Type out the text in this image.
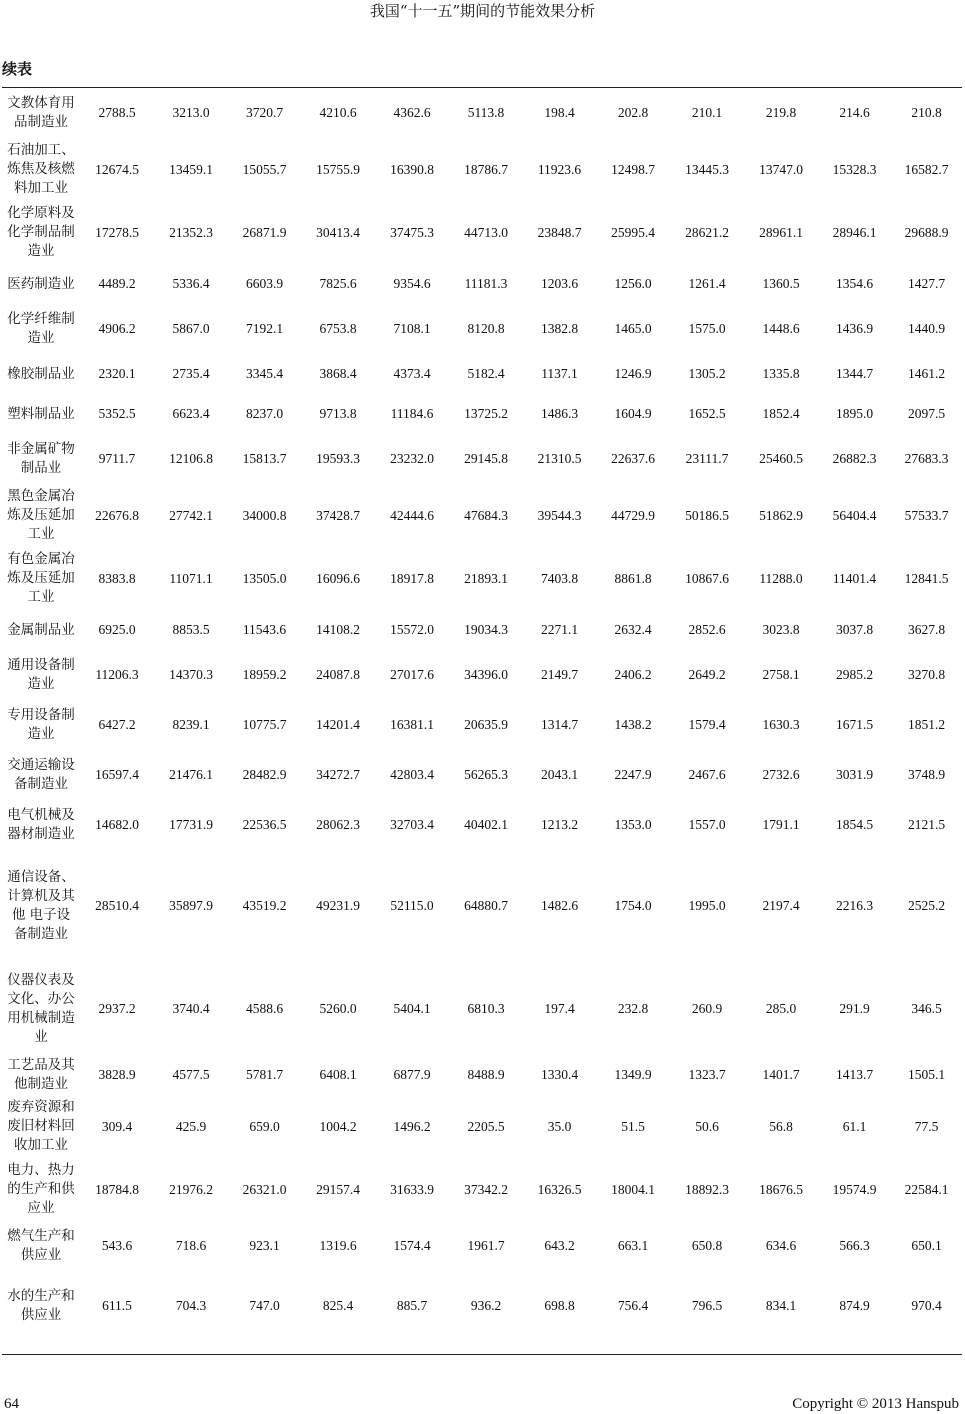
我国“十一五”期间的节能效果分析
续表
文教体育用
品制造业	2788.5	3213.0	3720.7	4210.6	4362.6	5113.8	198.4	202.8	210.1	219.8	214.6	210.8

石油加工、
炼焦及核燃
料加工业	12674.5	13459.1	15055.7	15755.9	16390.8	18786.7	11923.6	12498.7	13445.3	13747.0	15328.3	16582.7

化学原料及
化学制品制
造业	17278.5	21352.3	26871.9	30413.4	37475.3	44713.0	23848.7	25995.4	28621.2	28961.1	28946.1	29688.9

医药制造业	4489.2	5336.4	6603.9	7825.6	9354.6	11181.3	1203.6	1256.0	1261.4	1360.5	1354.6	1427.7

化学纤维制
造业	4906.2	5867.0	7192.1	6753.8	7108.1	8120.8	1382.8	1465.0	1575.0	1448.6	1436.9	1440.9

橡胶制品业	2320.1	2735.4	3345.4	3868.4	4373.4	5182.4	1137.1	1246.9	1305.2	1335.8	1344.7	1461.2

塑料制品业	5352.5	6623.4	8237.0	9713.8	11184.6	13725.2	1486.3	1604.9	1652.5	1852.4	1895.0	2097.5

非金属矿物
制品业	9711.7	12106.8	15813.7	19593.3	23232.0	29145.8	21310.5	22637.6	23111.7	25460.5	26882.3	27683.3

黑色金属冶
炼及压延加
工业	22676.8	27742.1	34000.8	37428.7	42444.6	47684.3	39544.3	44729.9	50186.5	51862.9	56404.4	57533.7

有色金属冶
炼及压延加
工业	8383.8	11071.1	13505.0	16096.6	18917.8	21893.1	7403.8	8861.8	10867.6	11288.0	11401.4	12841.5

金属制品业	6925.0	8853.5	11543.6	14108.2	15572.0	19034.3	2271.1	2632.4	2852.6	3023.8	3037.8	3627.8

通用设备制
造业	11206.3	14370.3	18959.2	24087.8	27017.6	34396.0	2149.7	2406.2	2649.2	2758.1	2985.2	3270.8

专用设备制
造业	6427.2	8239.1	10775.7	14201.4	16381.1	20635.9	1314.7	1438.2	1579.4	1630.3	1671.5	1851.2

交通运输设
备制造业	16597.4	21476.1	28482.9	34272.7	42803.4	56265.3	2043.1	2247.9	2467.6	2732.6	3031.9	3748.9

电气机械及
器材制造业	14682.0	17731.9	22536.5	28062.3	32703.4	40402.1	1213.2	1353.0	1557.0	1791.1	1854.5	2121.5

通信设备、
计算机及其
他 电子设
备制造业	28510.4	35897.9	43519.2	49231.9	52115.0	64880.7	1482.6	1754.0	1995.0	2197.4	2216.3	2525.2

仪器仪表及
文化、办公
用机械制造
业	2937.2	3740.4	4588.6	5260.0	5404.1	6810.3	197.4	232.8	260.9	285.0	291.9	346.5

工艺品及其
他制造业	3828.9	4577.5	5781.7	6408.1	6877.9	8488.9	1330.4	1349.9	1323.7	1401.7	1413.7	1505.1

废弃资源和
废旧材料回
收加工业	309.4	425.9	659.0	1004.2	1496.2	2205.5	35.0	51.5	50.6	56.8	61.1	77.5

电力、热力
的生产和供
应业	18784.8	21976.2	26321.0	29157.4	31633.9	37342.2	16326.5	18004.1	18892.3	18676.5	19574.9	22584.1

燃气生产和
供应业	543.6	718.6	923.1	1319.6	1574.4	1961.7	643.2	663.1	650.8	634.6	566.3	650.1

水的生产和
供应业	611.5	704.3	747.0	825.4	885.7	936.2	698.8	756.4	796.5	834.1	874.9	970.4
64	Copyright © 2013 Hanspub
